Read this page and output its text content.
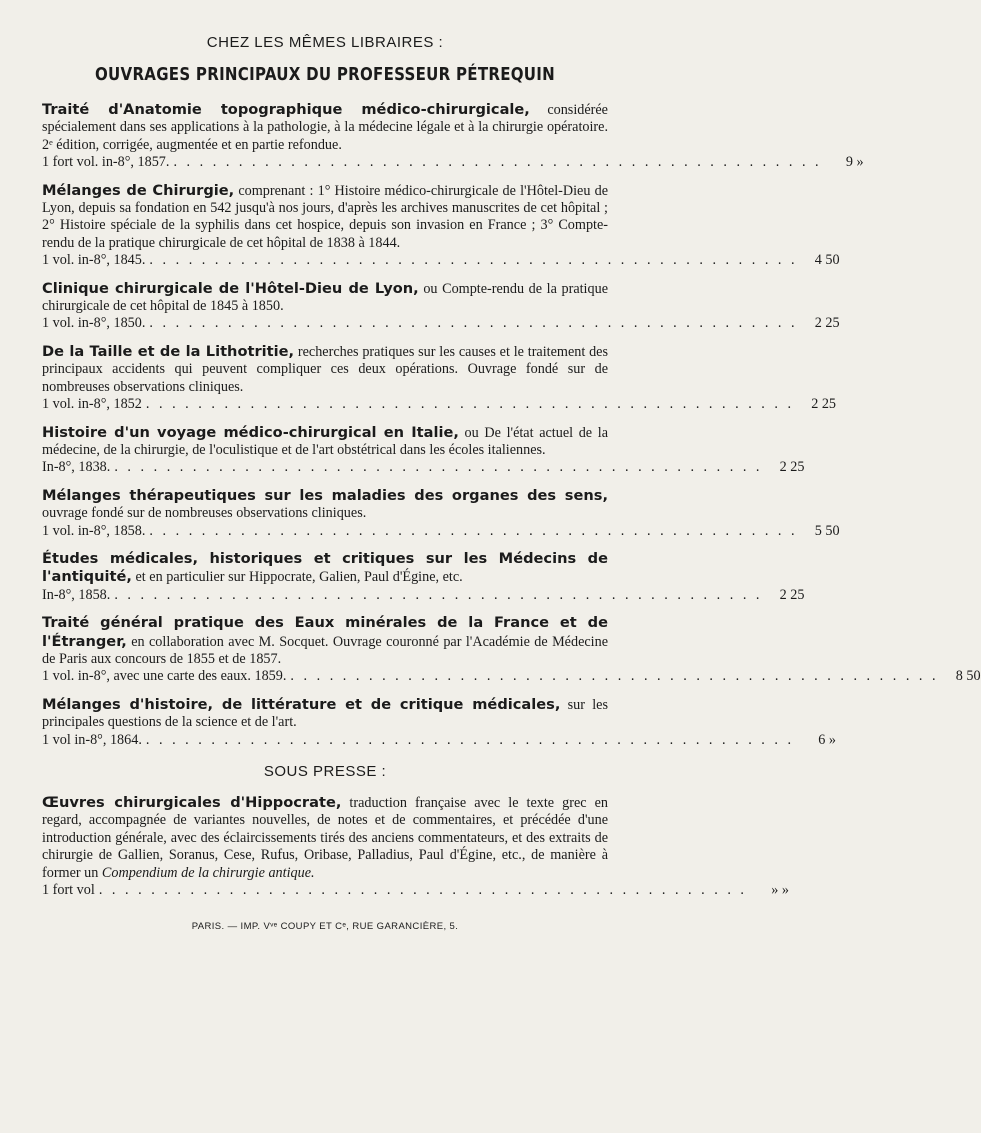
CHEZ LES MÊMES LIBRAIRES :
OUVRAGES PRINCIPAUX DU PROFESSEUR PÉTREQUIN
Traité d'Anatomie topographique médico-chirurgicale, considérée spécialement dans ses applications à la pathologie, à la médecine légale et à la chirurgie opératoire. 2ᵉ édition, corrigée, augmentée et en partie refondue.
1 fort vol. in-8°, 1857. . . . . . . . . . . . . . . . . . . . . . . . . . . . . . . . . . . . . . . . . . . . . . . . . . .	9 »
Mélanges de Chirurgie, comprenant : 1° Histoire médico-chirurgicale de l'Hôtel-Dieu de Lyon, depuis sa fondation en 542 jusqu'à nos jours, d'après les archives manuscrites de cet hôpital ; 2° Histoire spéciale de la syphilis dans cet hospice, depuis son invasion en France ; 3° Compte-rendu de la pratique chirurgicale de cet hôpital de 1838 à 1844.
1 vol. in-8°, 1845. . . . . . . . . . . . . . . . . . . . . . . . . . . . . . . . . . . . . . . . . . . . . . . . . . .	4 50
Clinique chirurgicale de l'Hôtel-Dieu de Lyon, ou Compte-rendu de la pratique chirurgicale de cet hôpital de 1845 à 1850.
1 vol. in-8°, 1850. . . . . . . . . . . . . . . . . . . . . . . . . . . . . . . . . . . . . . . . . . . . . . . . . . .	2 25
De la Taille et de la Lithotritie, recherches pratiques sur les causes et le traitement des principaux accidents qui peuvent compliquer ces deux opérations. Ouvrage fondé sur de nombreuses observations cliniques.
1 vol. in-8°, 1852 . . . . . . . . . . . . . . . . . . . . . . . . . . . . . . . . . . . . . . . . . . . . . . . . . .	2 25
Histoire d'un voyage médico-chirurgical en Italie, ou De l'état actuel de la médecine, de la chirurgie, de l'oculistique et de l'art obstétrical dans les écoles italiennes.
In-8°, 1838. . . . . . . . . . . . . . . . . . . . . . . . . . . . . . . . . . . . . . . . . . . . . . . . . . .	2 25
Mélanges thérapeutiques sur les maladies des organes des sens, ouvrage fondé sur de nombreuses observations cliniques.
1 vol. in-8°, 1858. . . . . . . . . . . . . . . . . . . . . . . . . . . . . . . . . . . . . . . . . . . . . . . . . . .	5 50
Études médicales, historiques et critiques sur les Médecins de l'antiquité, et en particulier sur Hippocrate, Galien, Paul d'Égine, etc.
In-8°, 1858. . . . . . . . . . . . . . . . . . . . . . . . . . . . . . . . . . . . . . . . . . . . . . . . . . .	2 25
Traité général pratique des Eaux minérales de la France et de l'Étranger, en collaboration avec M. Socquet. Ouvrage couronné par l'Académie de Médecine de Paris aux concours de 1855 et de 1857.
1 vol. in-8°, avec une carte des eaux. 1859. . . . . . . . . . . . . . . . . . . . . . . . . . . . . . . . . . . . . . . . . . . . . . . . . . .	8 50
Mélanges d'histoire, de littérature et de critique médicales, sur les principales questions de la science et de l'art.
1 vol in-8°, 1864. . . . . . . . . . . . . . . . . . . . . . . . . . . . . . . . . . . . . . . . . . . . . . . . . . .	6 »
SOUS PRESSE :
Œuvres chirurgicales d'Hippocrate, traduction française avec le texte grec en regard, accompagnée de variantes nouvelles, de notes et de commentaires, et précédée d'une introduction générale, avec des éclaircissements tirés des anciens commentateurs, et des extraits de chirurgie de Gallien, Soranus, Cese, Rufus, Oribase, Palladius, Paul d'Égine, etc., de manière à former un Compendium de la chirurgie antique.
1 fort vol . . . . . . . . . . . . . . . . . . . . . . . . . . . . . . . . . . . . . . . . . . . . . . . . . .	» »
PARIS. — IMP. Vᵛᵉ COUPY ET Cᵉ, RUE GARANCIÈRE, 5.
